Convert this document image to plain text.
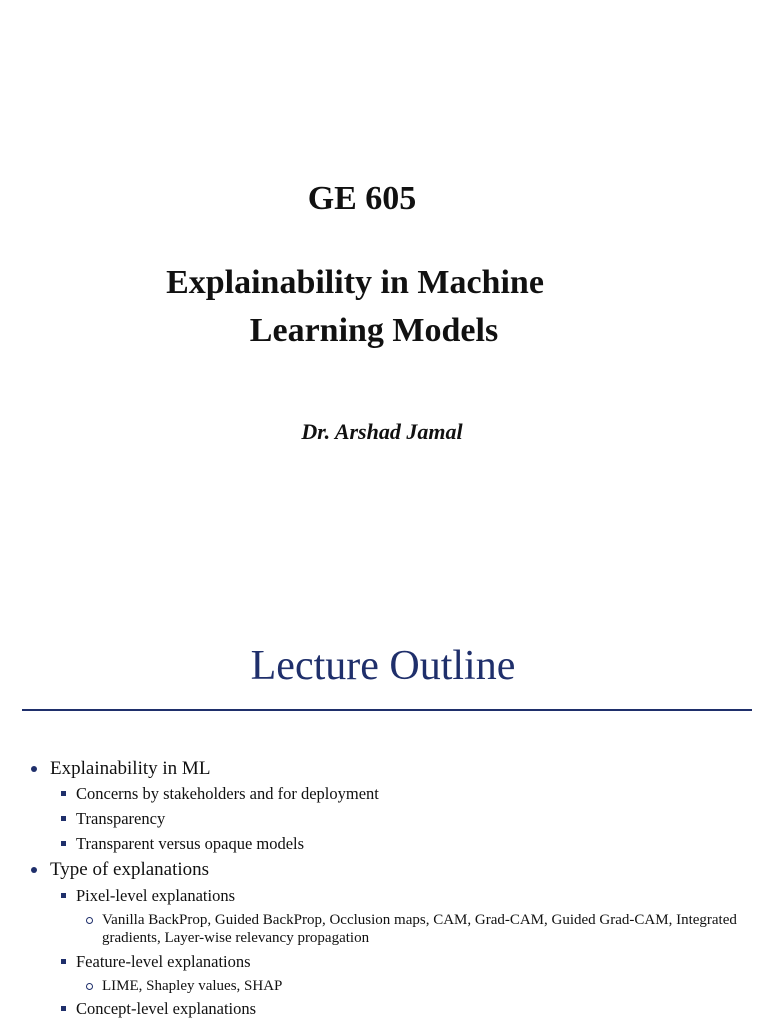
GE 605
Explainability in Machine
Learning Models
Dr. Arshad Jamal
Lecture Outline
Explainability in ML
Concerns by stakeholders and for deployment
Transparency
Transparent versus opaque models
Type of explanations
Pixel-level explanations
Vanilla BackProp, Guided BackProp, Occlusion maps, CAM, Grad-CAM, Guided Grad-CAM, Integrated gradients, Layer-wise relevancy propagation
Feature-level explanations
LIME, Shapley values, SHAP
Concept-level explanations
